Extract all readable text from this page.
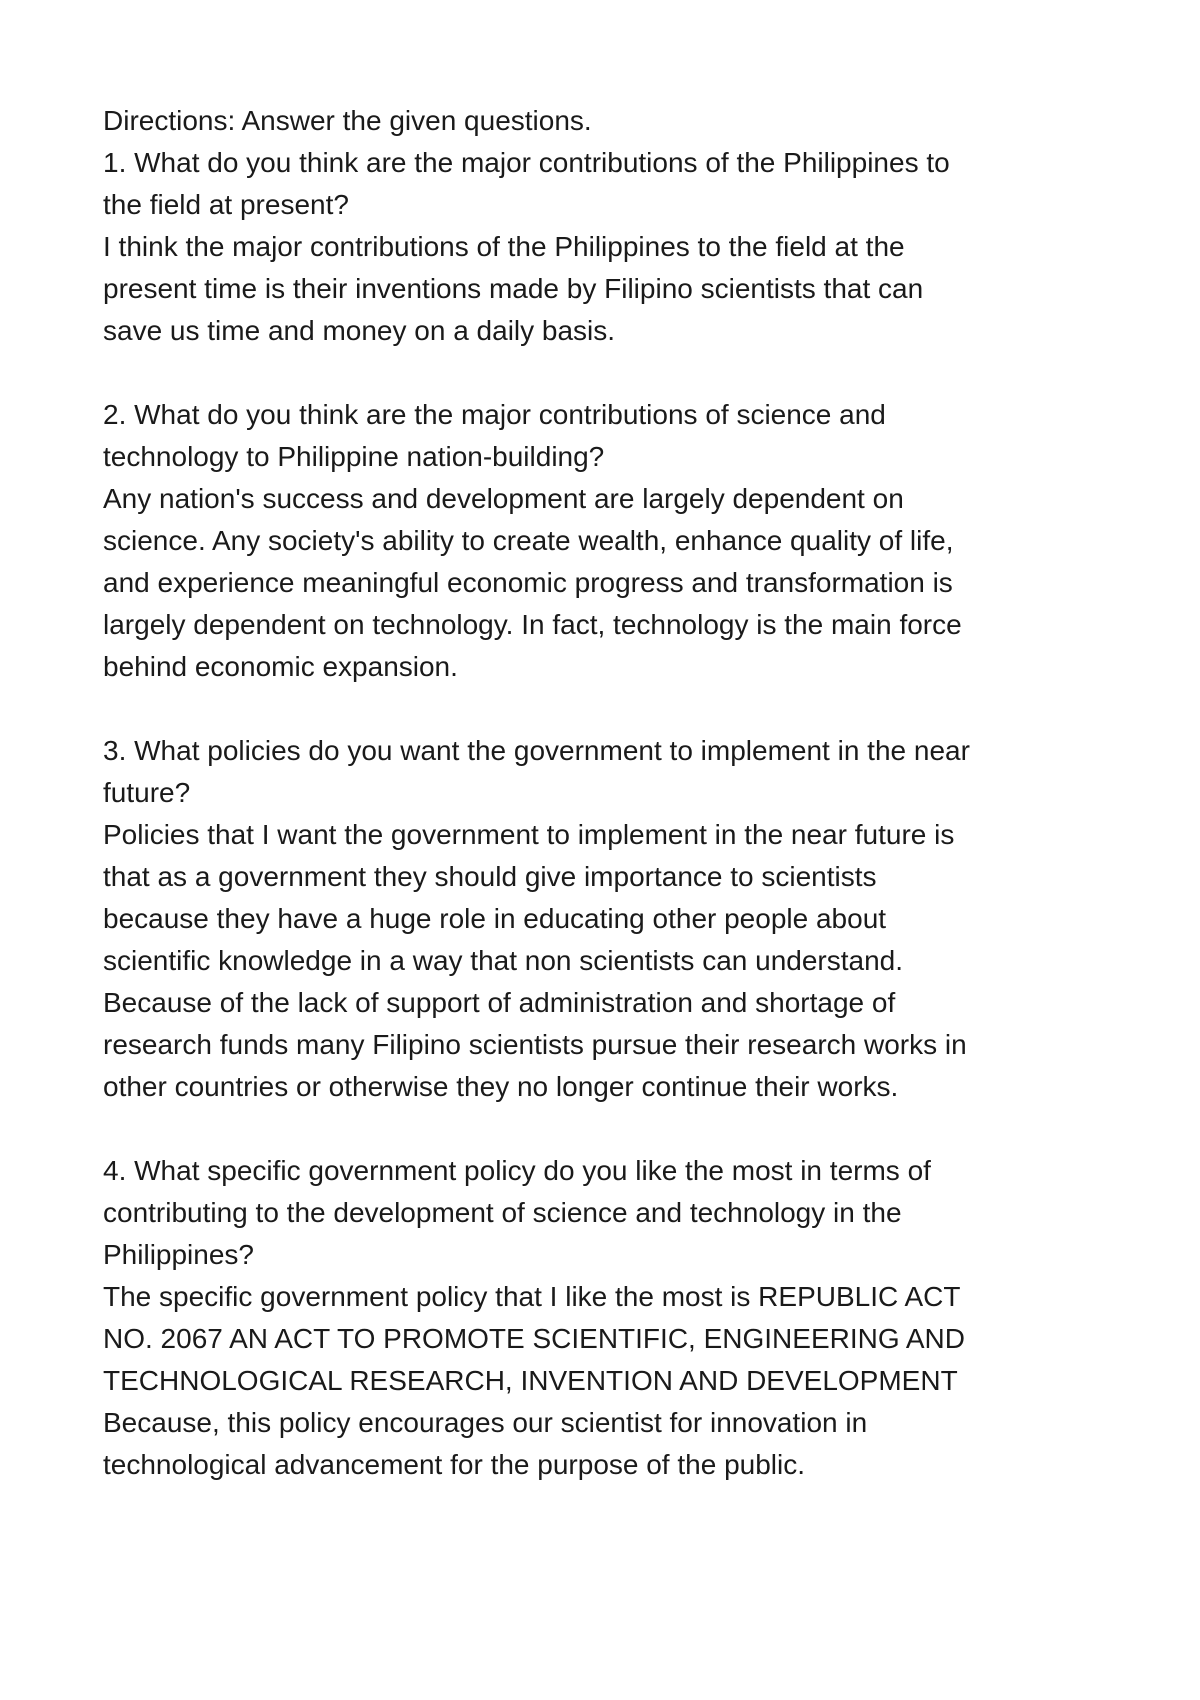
Directions: Answer the given questions.
1. What do you think are the major contributions of the Philippines to
the field at present?
I think the major contributions of the Philippines to the field at the
present time is their inventions made by Filipino scientists that can
save us time and money on a daily basis.
2. What do you think are the major contributions of science and
technology to Philippine nation-building?
Any nation's success and development are largely dependent on
science. Any society's ability to create wealth, enhance quality of life,
and experience meaningful economic progress and transformation is
largely dependent on technology. In fact, technology is the main force
behind economic expansion.
3. What policies do you want the government to implement in the near
future?
Policies that I want the government to implement in the near future is
that as a government they should give importance to scientists
because they have a huge role in educating other people about
scientific knowledge in a way that non scientists can understand.
Because of the lack of support of administration and shortage of
research funds many Filipino scientists pursue their research works in
other countries or otherwise they no longer continue their works.
4. What specific government policy do you like the most in terms of
contributing to the development of science and technology in the
Philippines?
The specific government policy that I like the most is REPUBLIC ACT
NO. 2067 AN ACT TO PROMOTE SCIENTIFIC, ENGINEERING AND
TECHNOLOGICAL RESEARCH, INVENTION AND DEVELOPMENT
Because, this policy encourages our scientist for innovation in
technological advancement for the purpose of the public.
